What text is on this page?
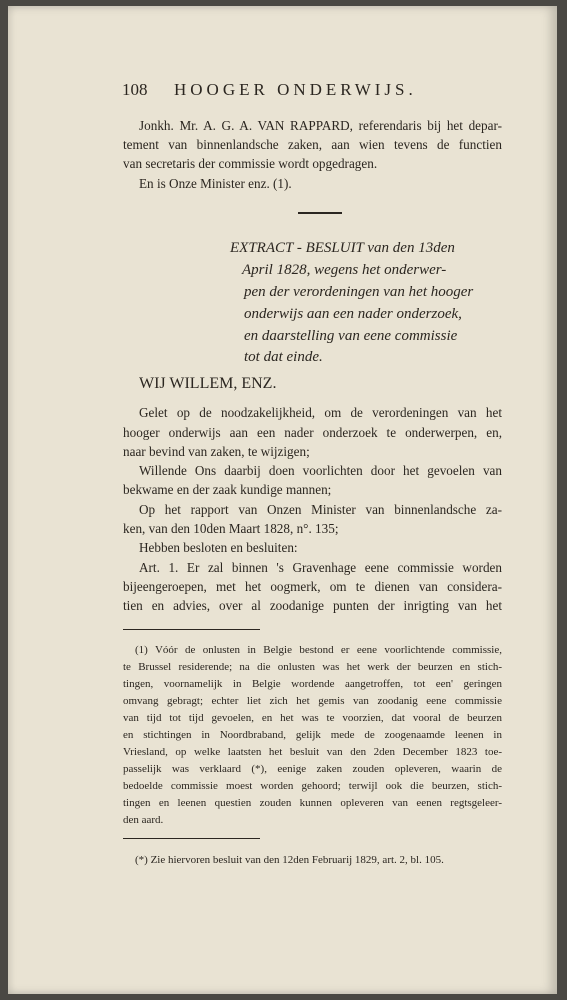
108 HOOGER ONDERWIJS.
Jonkh. Mr. A. G. A. VAN RAPPARD, referendaris bij het depar-
tement van binnenlandsche zaken, aan wien tevens de functien
van secretaris der commissie wordt opgedragen.
En is Onze Minister enz. (1).
EXTRACT - BESLUIT van den 13den
April 1828, wegens het onderwer-
pen der verordeningen van het hooger
onderwijs aan een nader onderzoek,
en daarstelling van eene commissie
tot dat einde.
WIJ WILLEM, ENZ.
Gelet op de noodzakelijkheid, om de verordeningen van het
hooger onderwijs aan een nader onderzoek te onderwerpen, en,
naar bevind van zaken, te wijzigen;
Willende Ons daarbij doen voorlichten door het gevoelen van
bekwame en der zaak kundige mannen;
Op het rapport van Onzen Minister van binnenlandsche za-
ken, van den 10den Maart 1828, n°. 135;
Hebben besloten en besluiten:
Art. 1. Er zal binnen 's Gravenhage eene commissie worden
bijeengeroepen, met het oogmerk, om te dienen van considera-
tien en advies, over al zoodanige punten der inrigting van het
(1) Vóór de onlusten in Belgie bestond er eene voorlichtende commissie,
te Brussel residerende; na die onlusten was het werk der beurzen en stich-
tingen, voornamelijk in Belgie wordende aangetroffen, tot een' geringen
omvang gebragt; echter liet zich het gemis van zoodanig eene commissie
van tijd tot tijd gevoelen, en het was te voorzien, dat vooral de beurzen
en stichtingen in Noordbraband, gelijk mede de zoogenaamde leenen in
Vriesland, op welke laatsten het besluit van den 2den December 1823 toe-
passelijk was verklaard (*), eenige zaken zouden opleveren, waarin de
bedoelde commissie moest worden gehoord; terwijl ook die beurzen, stich-
tingen en leenen questien zouden kunnen opleveren van eenen regtsgeleer-
den aard.
(*) Zie hiervoren besluit van den 12den Februarij 1829, art. 2, bl. 105.
